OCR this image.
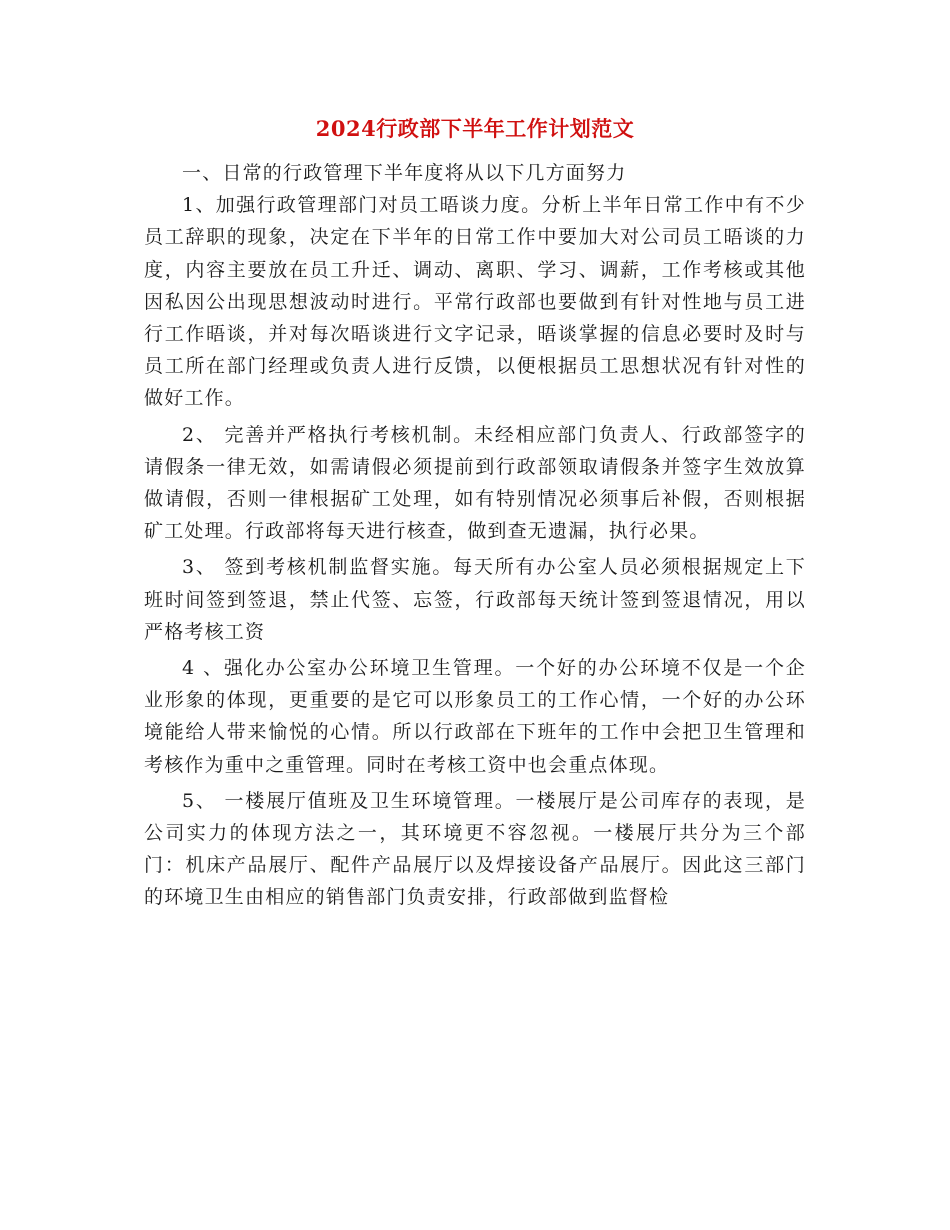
2024行政部下半年工作计划范文

一、日常的行政管理下半年度将从以下几方面努力

1、加强行政管理部门对员工晤谈力度。分析上半年日常工作中有不少员工辞职的现象，决定在下半年的日常工作中要加大对公司员工晤谈的力度，内容主要放在员工升迁、调动、离职、学习、调薪，工作考核或其他因私因公出现思想波动时进行。平常行政部也要做到有针对性地与员工进行工作晤谈，并对每次晤谈进行文字记录，晤谈掌握的信息必要时及时与员工所在部门经理或负责人进行反馈，以便根据员工思想状况有针对性的做好工作。

2、 完善并严格执行考核机制。未经相应部门负责人、行政部签字的请假条一律无效，如需请假必须提前到行政部领取请假条并签字生效放算做请假，否则一律根据矿工处理，如有特别情况必须事后补假，否则根据矿工处理。行政部将每天进行核查，做到查无遗漏，执行必果。

3、 签到考核机制监督实施。每天所有办公室人员必须根据规定上下班时间签到签退，禁止代签、忘签，行政部每天统计签到签退情况，用以严格考核工资

4 、强化办公室办公环境卫生管理。一个好的办公环境不仅是一个企业形象的体现，更重要的是它可以形象员工的工作心情，一个好的办公环境能给人带来愉悦的心情。所以行政部在下班年的工作中会把卫生管理和考核作为重中之重管理。同时在考核工资中也会重点体现。

5、 一楼展厅值班及卫生环境管理。一楼展厅是公司库存的表现，是公司实力的体现方法之一，其环境更不容忽视。一楼展厅共分为三个部门：机床产品展厅、配件产品展厅以及焊接设备产品展厅。因此这三部门的环境卫生由相应的销售部门负责安排，行政部做到监督检
